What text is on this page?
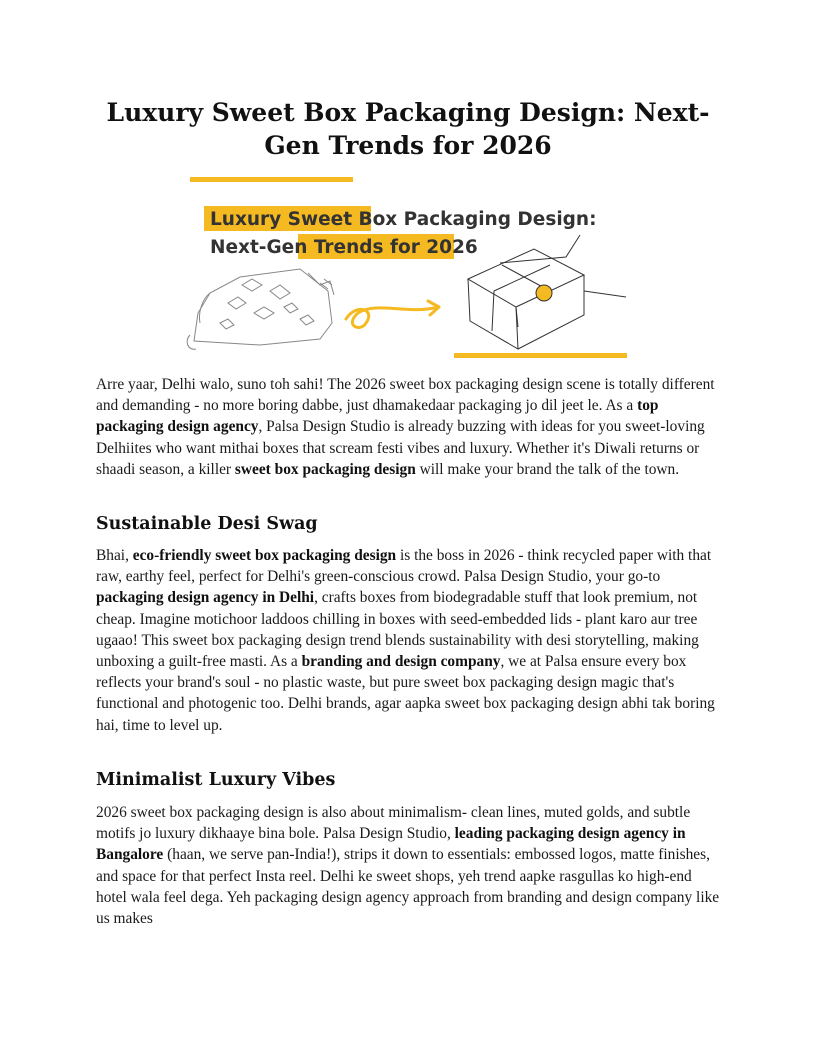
Luxury Sweet Box Packaging Design: Next-Gen Trends for 2026
Luxury Sweet Box Packaging Design:
Next-Gen Trends for 2026

Arre yaar, Delhi walo, suno toh sahi! The 2026 sweet box packaging design scene is totally different and demanding - no more boring dabbe, just dhamakedaar packaging jo dil jeet le. As a top packaging design agency, Palsa Design Studio is already buzzing with ideas for you sweet-loving Delhiites who want mithai boxes that scream festi vibes and luxury. Whether it's Diwali returns or shaadi season, a killer sweet box packaging design will make your brand the talk of the town.

Sustainable Desi Swag

Bhai, eco-friendly sweet box packaging design is the boss in 2026 - think recycled paper with that raw, earthy feel, perfect for Delhi's green-conscious crowd. Palsa Design Studio, your go-to packaging design agency in Delhi, crafts boxes from biodegradable stuff that look premium, not cheap. Imagine motichoor laddoos chilling in boxes with seed-embedded lids - plant karo aur tree ugaao! This sweet box packaging design trend blends sustainability with desi storytelling, making unboxing a guilt-free masti. As a branding and design company, we at Palsa ensure every box reflects your brand's soul - no plastic waste, but pure sweet box packaging design magic that's functional and photogenic too. Delhi brands, agar aapka sweet box packaging design abhi tak boring hai, time to level up.

Minimalist Luxury Vibes

2026 sweet box packaging design is also about minimalism- clean lines, muted golds, and subtle motifs jo luxury dikhaaye bina bole. Palsa Design Studio, leading packaging design agency in Bangalore (haan, we serve pan-India!), strips it down to essentials: embossed logos, matte finishes, and space for that perfect Insta reel. Delhi ke sweet shops, yeh trend aapke rasgullas ko high-end hotel wala feel dega. Yeh packaging design agency approach from branding and design company like us makes
